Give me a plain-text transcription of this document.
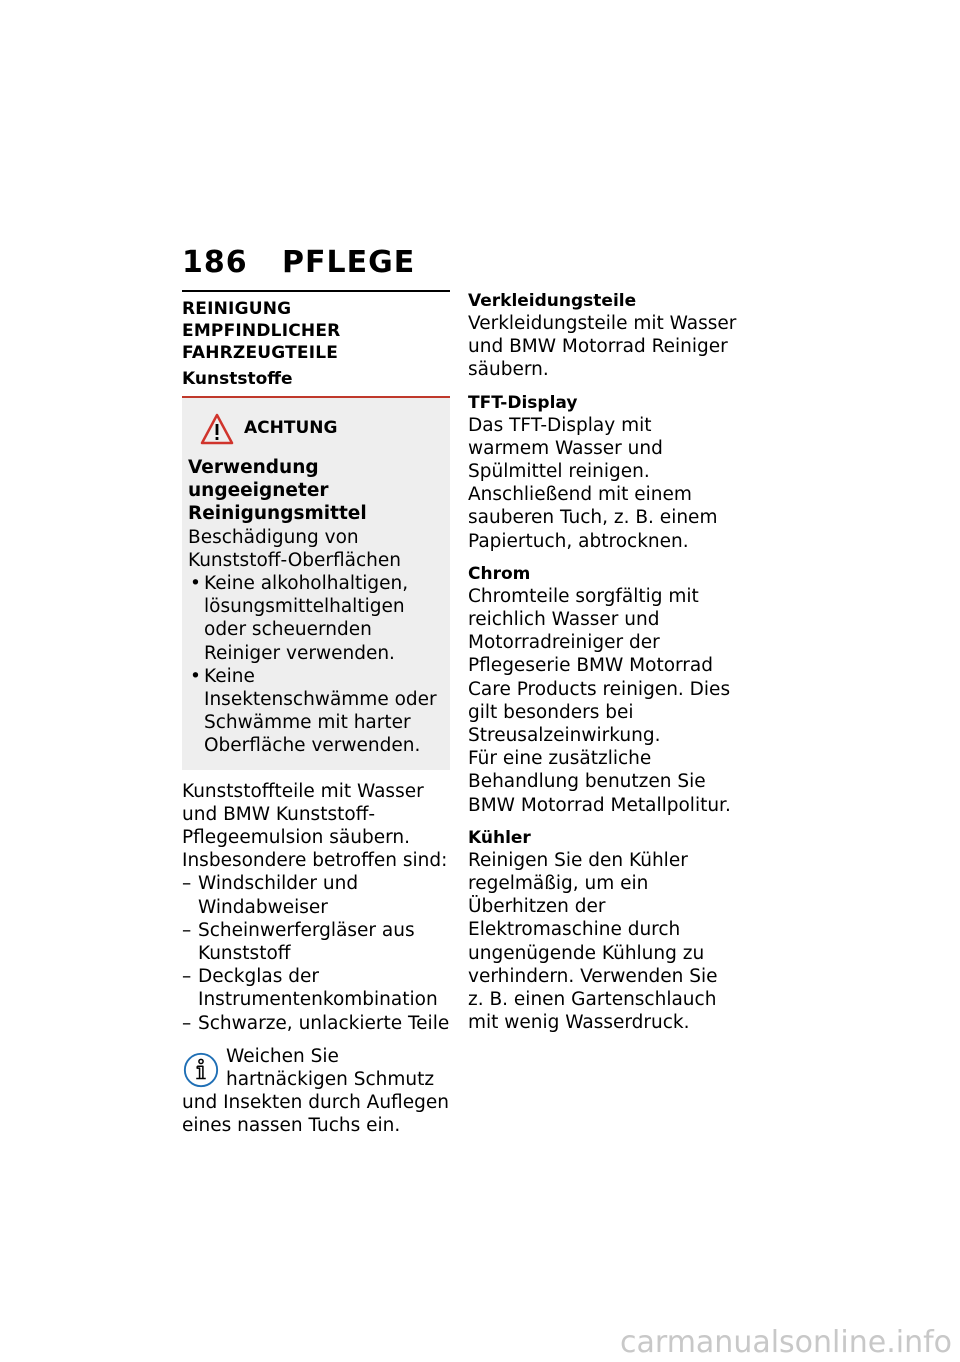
186	PFLEGE
REINIGUNG EMPFINDLICHER
FAHRZEUGTEILE
Kunststoffe
ACHTUNG
Verwendung ungeeigneter
Reinigungsmittel
Beschädigung von Kunststoff-Oberflächen
• Keine alkoholhaltigen, lösungsmittelhaltigen oder scheuernden Reiniger verwenden.
• Keine Insektenschwämme oder Schwämme mit harter Oberfläche verwenden.
Kunststoffteile mit Wasser und BMW Kunststoff-Pflegeemulsion säubern. Insbesondere betroffen sind:
– Windschilder und Windabweiser
– Scheinwerfergläser aus Kunststoff
– Deckglas der Instrumentenkombination
– Schwarze, unlackierte Teile
Weichen Sie hartnäckigen Schmutz und Insekten durch Auflegen eines nassen Tuchs ein.
Verkleidungsteile
Verkleidungsteile mit Wasser und BMW Motorrad Reiniger säubern.
TFT-Display
Das TFT-Display mit warmem Wasser und Spülmittel reinigen. Anschließend mit einem sauberen Tuch, z. B. einem Papiertuch, abtrocknen.
Chrom
Chromteile sorgfältig mit reichlich Wasser und Motorradreiniger der Pflegeserie BMW Motorrad Care Products reinigen. Dies gilt besonders bei Streusalzeinwirkung.
Für eine zusätzliche Behandlung benutzen Sie BMW Motorrad Metallpolitur.
Kühler
Reinigen Sie den Kühler regelmäßig, um ein Überhitzen der Elektromaschine durch ungenügende Kühlung zu verhindern. Verwenden Sie z. B. einen Gartenschlauch mit wenig Wasserdruck.
carmanualsonline.info
